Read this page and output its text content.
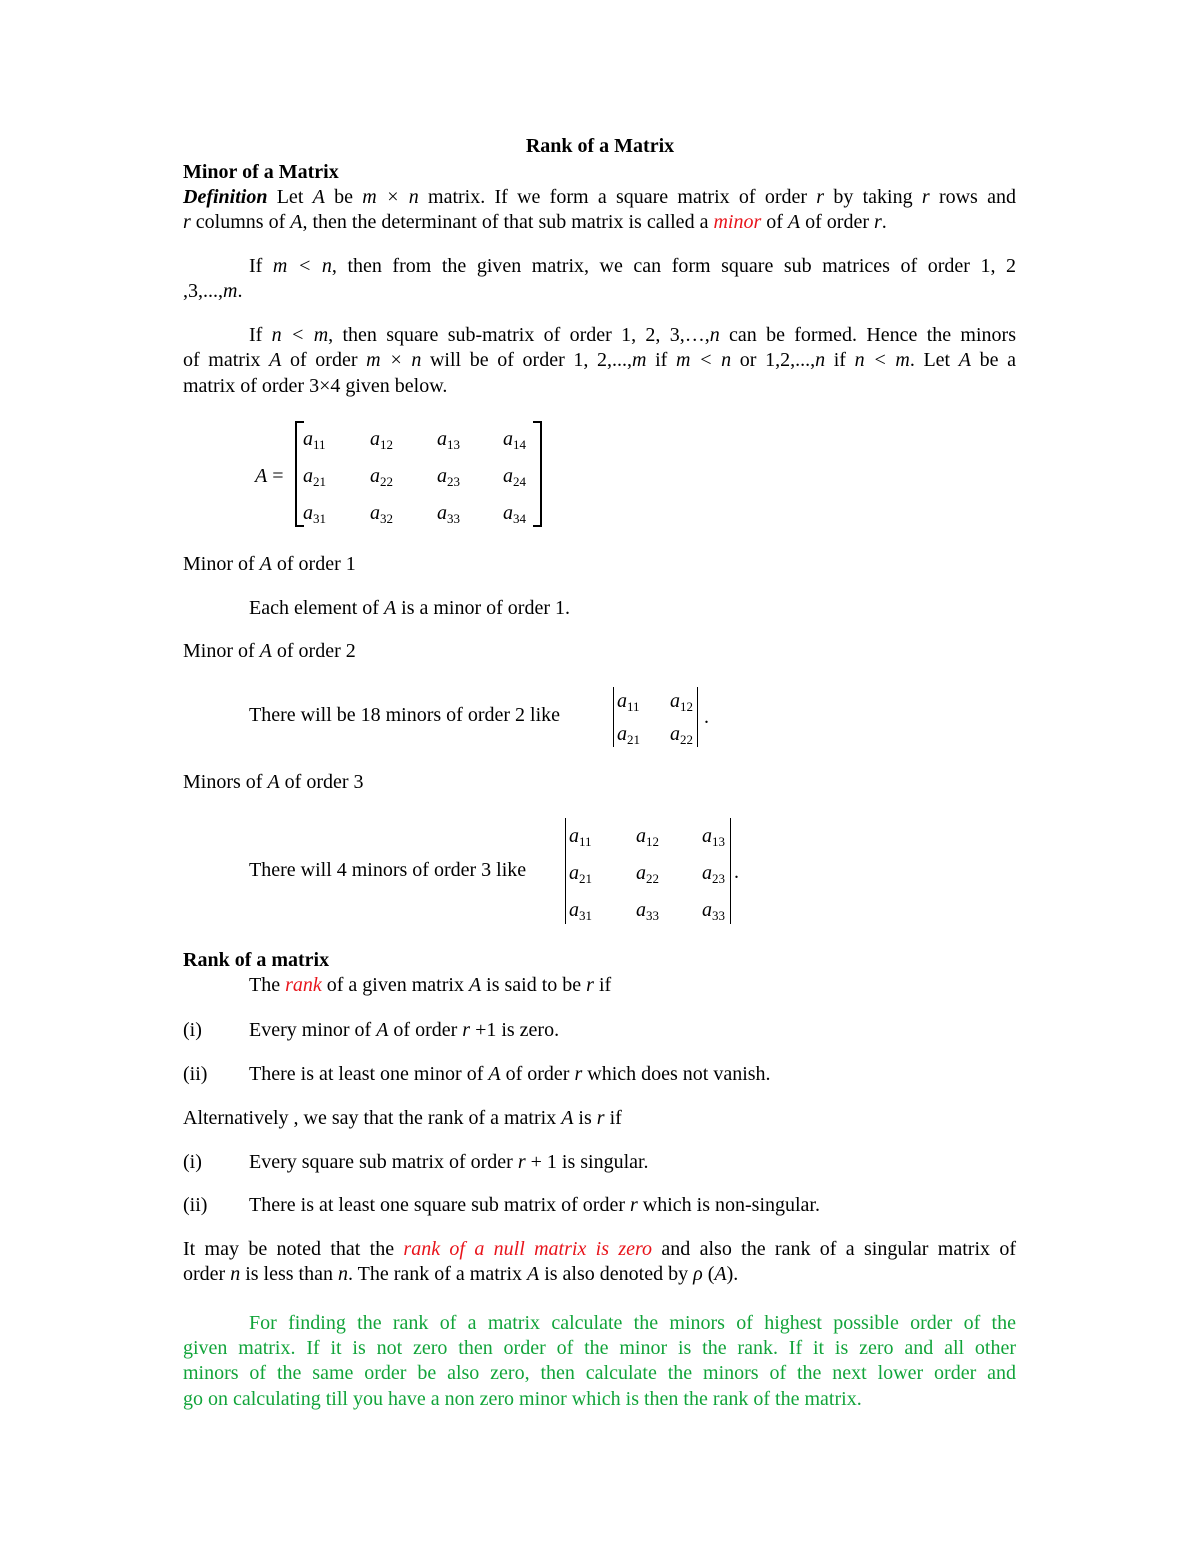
Rank of a Matrix
Minor of a Matrix
Definition Let A be m × n matrix. If we form a square matrix of order r by taking r rows and
r columns of A, then the determinant of that sub matrix is called a minor of A of order r.
If m < n, then from the given matrix, we can form square sub matrices of order 1, 2
,3,...,m.
If n < m, then square sub-matrix of order 1, 2, 3,…,n can be formed. Hence the minors
of matrix A of order m × n will be of order 1, 2,...,m if m < n or 1,2,...,n if n < m. Let A be a
matrix of order 3×4 given below.
A =
$a_{11}$ $a_{12}$ $a_{13}$ $a_{14}$
$a_{21}$ $a_{22}$ $a_{23}$ $a_{24}$
$a_{31}$ $a_{32}$ $a_{33}$ $a_{34}$
Minor of A of order 1
Each element of A is a minor of order 1.
Minor of A of order 2
There will be 18 minors of order 2 like
$a_{11}$ $a_{12}$
$a_{21}$ $a_{22}$
.
Minors of A of order 3
There will 4 minors of order 3 like
$a_{11}$ $a_{12}$ $a_{13}$
$a_{21}$ $a_{22}$ $a_{23}$
$a_{31}$ $a_{33}$ $a_{33}$
.
Rank of a matrix
The rank of a given matrix A is said to be r if
(i) Every minor of A of order r +1 is zero.
(ii) There is at least one minor of A of order r which does not vanish.
Alternatively , we say that the rank of a matrix A is r if
(i) Every square sub matrix of order r + 1 is singular.
(ii) There is at least one square sub matrix of order r which is non-singular.
It may be noted that the rank of a null matrix is zero and also the rank of a singular matrix of
order n is less than n. The rank of a matrix A is also denoted by ρ (A).
For finding the rank of a matrix calculate the minors of highest possible order of the
given matrix. If it is not zero then order of the minor is the rank. If it is zero and all other
minors of the same order be also zero, then calculate the minors of the next lower order and
go on calculating till you have a non zero minor which is then the rank of the matrix.
